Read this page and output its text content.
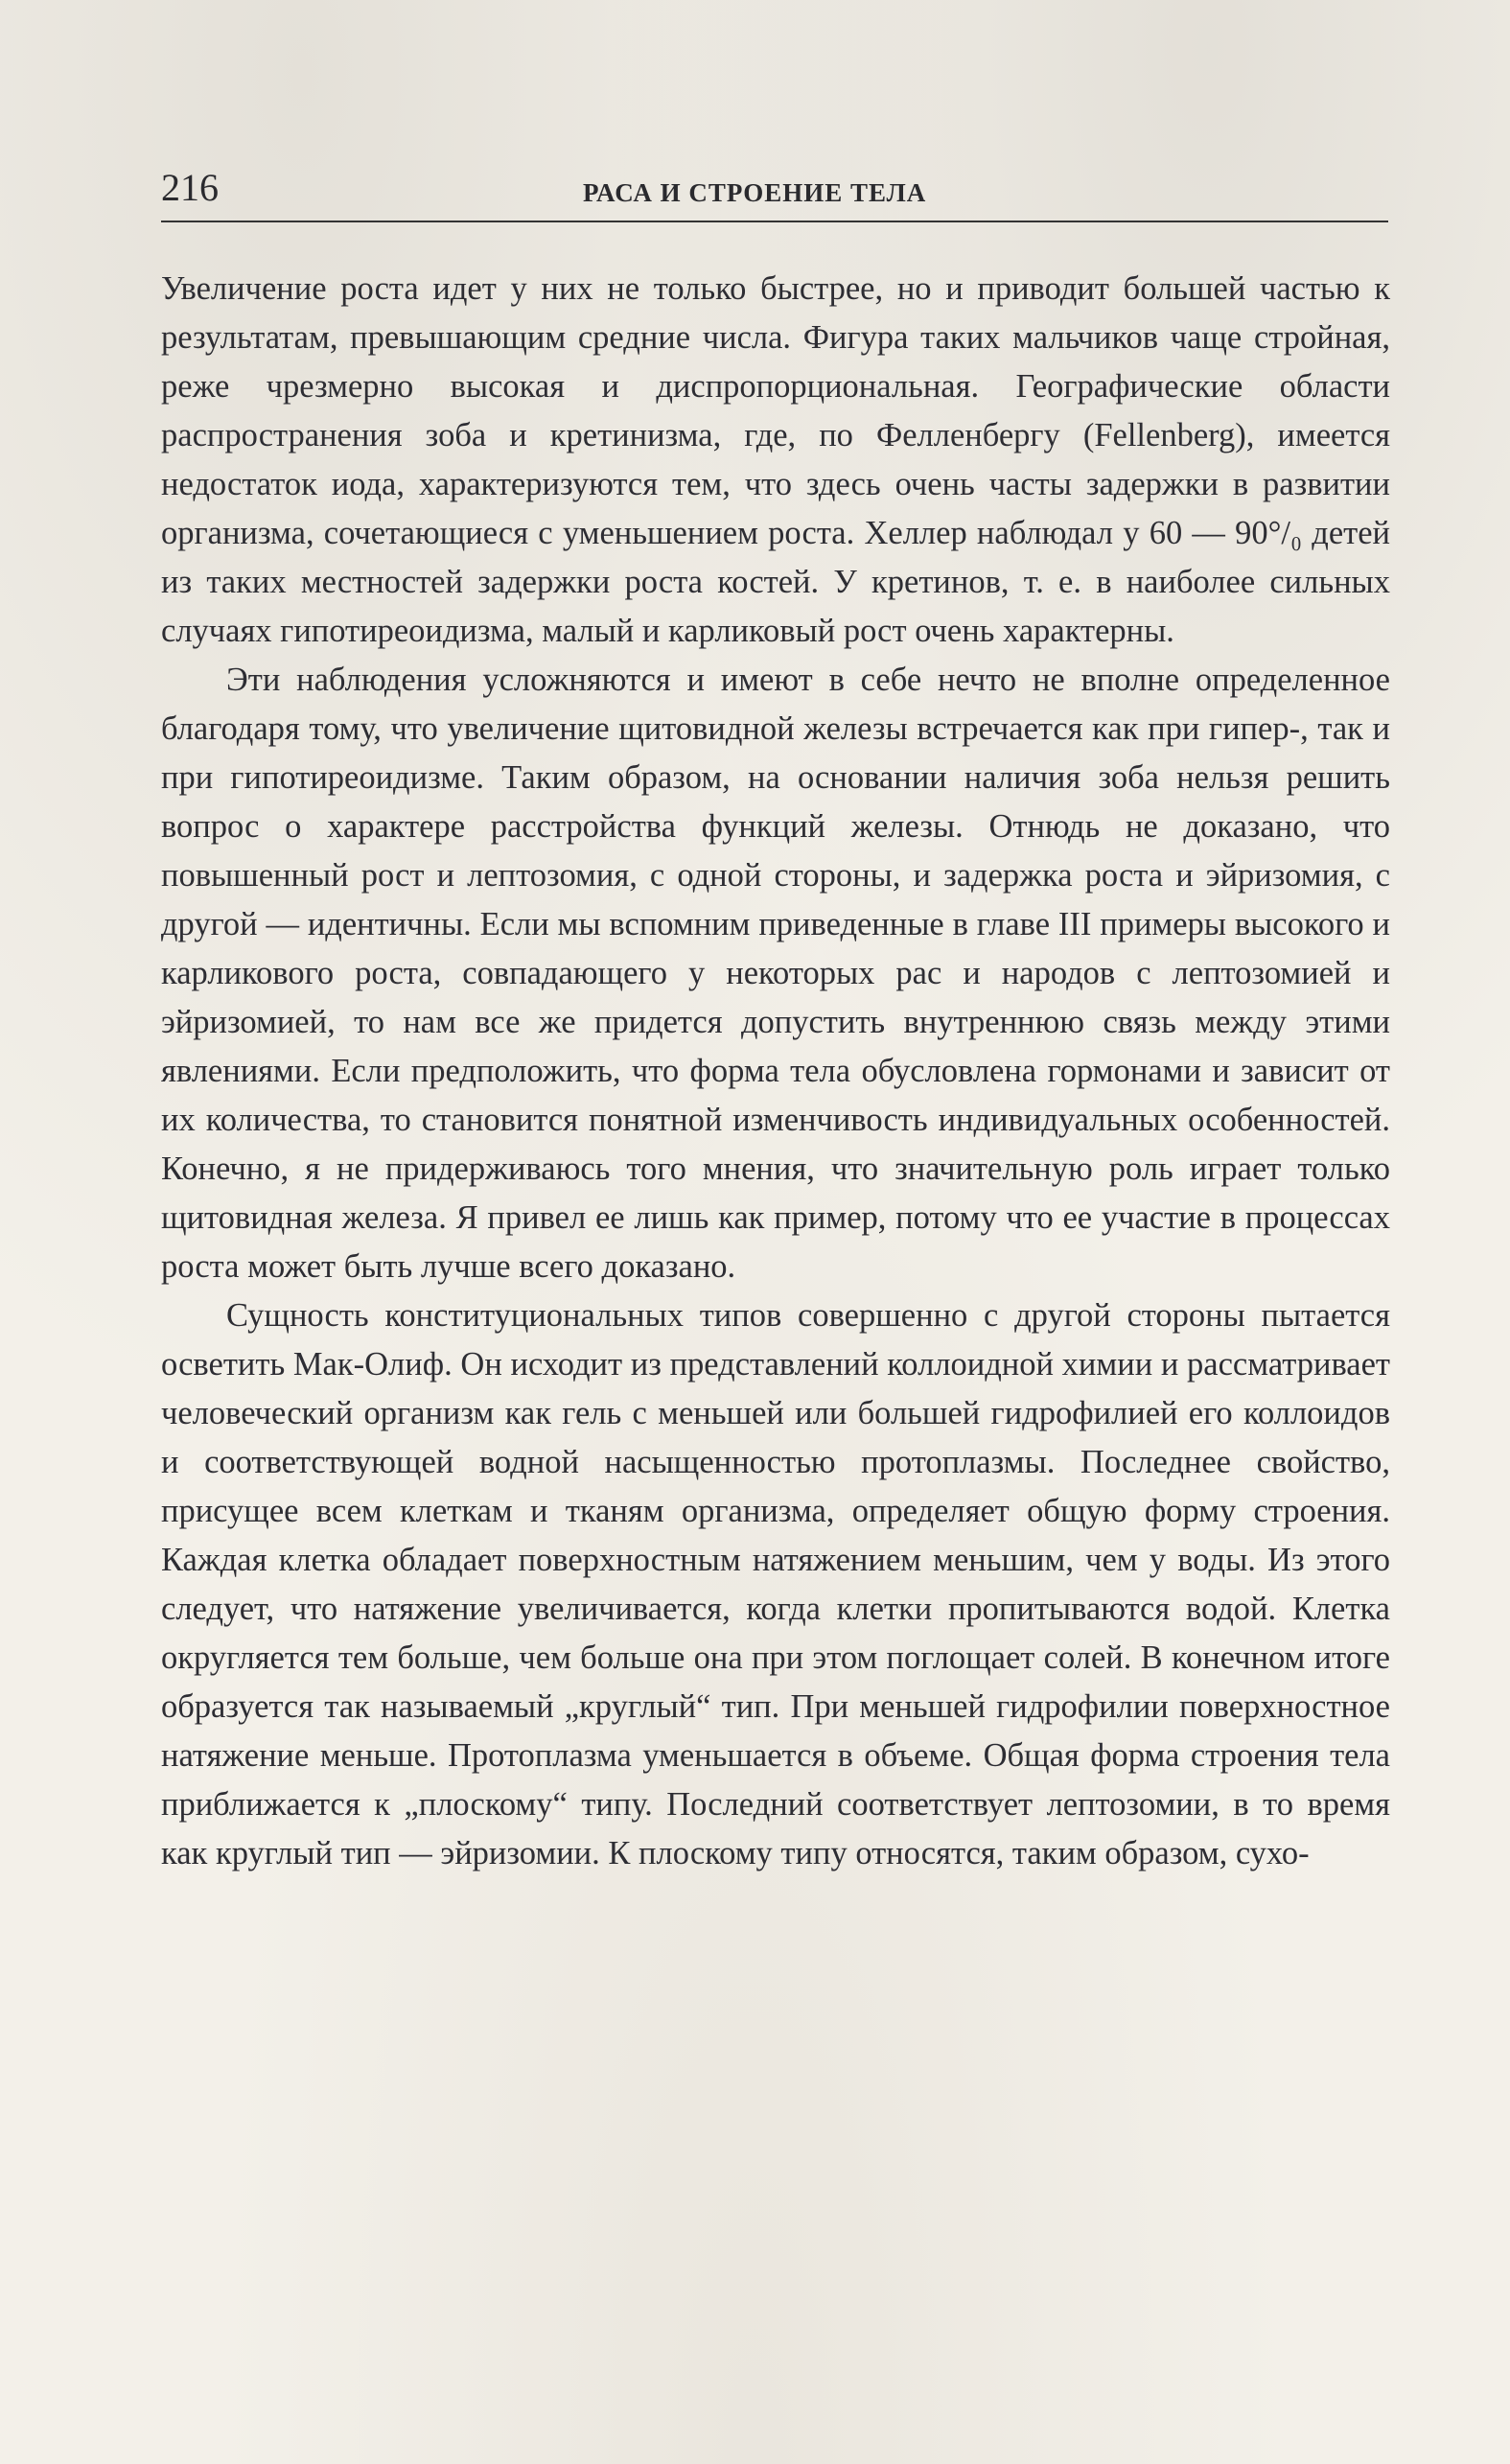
216	РАСА И СТРОЕНИЕ ТЕЛА

Увеличение роста идет у них не только быстрее, но и приводит большей частью к результатам, превышающим средние числа. Фигура таких мальчиков чаще стройная, реже чрезмерно высокая и диспропорциональная. Географические области распространения зоба и кретинизма, где, по Фелленбергу (Fellenberg), имеется недостаток иода, характеризуются тем, что здесь очень часты задержки в развитии организма, сочетающиеся с уменьшением роста. Хеллер наблюдал у 60 — 90°/₀ детей из таких местностей задержки роста костей. У кретинов, т. е. в наиболее сильных случаях гипотиреоидизма, малый и карликовый рост очень характерны.

Эти наблюдения усложняются и имеют в себе нечто не вполне определенное благодаря тому, что увеличение щитовидной железы встречается как при гипер-, так и при гипотиреоидизме. Таким образом, на основании наличия зоба нельзя решить вопрос о характере расстройства функций железы. Отнюдь не доказано, что повышенный рост и лептозомия, с одной стороны, и задержка роста и эйризомия, с другой — идентичны. Если мы вспомним приведенные в главе III примеры высокого и карликового роста, совпадающего у некоторых рас и народов с лептозомией и эйризомией, то нам все же придется допустить внутреннюю связь между этими явлениями. Если предположить, что форма тела обусловлена гормонами и зависит от их количества, то становится понятной изменчивость индивидуальных особенностей. Конечно, я не придерживаюсь того мнения, что значительную роль играет только щитовидная железа. Я привел ее лишь как пример, потому что ее участие в процессах роста может быть лучше всего доказано.

Сущность конституциональных типов совершенно с другой стороны пытается осветить Мак-Олиф. Он исходит из представлений коллоидной химии и рассматривает человеческий организм как гель с меньшей или большей гидрофилией его коллоидов и соответствующей водной насыщенностью протоплазмы. Последнее свойство, присущее всем клеткам и тканям организма, определяет общую форму строения. Каждая клетка обладает поверхностным натяжением меньшим, чем у воды. Из этого следует, что натяжение увеличивается, когда клетки пропитываются водой. Клетка округляется тем больше, чем больше она при этом поглощает солей. В конечном итоге образуется так называемый „круглый“ тип. При меньшей гидрофилии поверхностное натяжение меньше. Протоплазма уменьшается в объеме. Общая форма строения тела приближается к „плоскому“ типу. Последний соответствует лептозомии, в то время как круглый тип — эйризомии. К плоскому типу относятся, таким образом, сухо-
